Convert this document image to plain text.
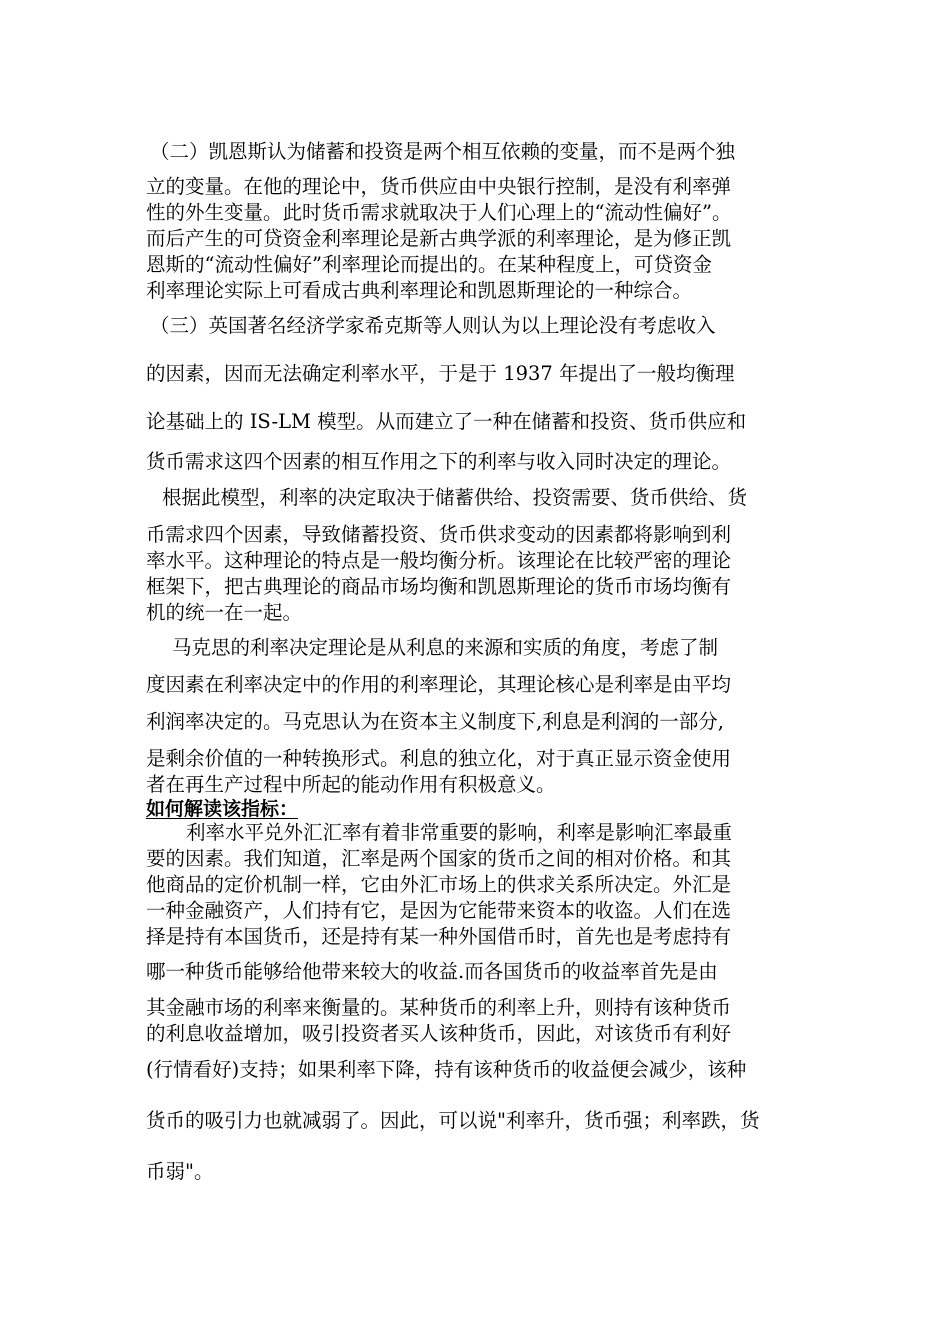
（二）凯恩斯认为储蓄和投资是两个相互依赖的变量，而不是两个独
立的变量。在他的理论中，货币供应由中央银行控制，是没有利率弹
性的外生变量。此时货币需求就取决于人们心理上的“流动性偏好”。
而后产生的可贷资金利率理论是新古典学派的利率理论，是为修正凯
恩斯的“流动性偏好”利率理论而提出的。在某种程度上，可贷资金
利率理论实际上可看成古典利率理论和凯恩斯理论的一种综合。
（三）英国著名经济学家希克斯等人则认为以上理论没有考虑收入
的因素，因而无法确定利率水平，于是于 1937 年提出了一般均衡理
论基础上的 IS-LM 模型。从而建立了一种在储蓄和投资、货币供应和
货币需求这四个因素的相互作用之下的利率与收入同时决定的理论。
根据此模型，利率的决定取决于储蓄供给、投资需要、货币供给、货
币需求四个因素，导致储蓄投资、货币供求变动的因素都将影响到利
率水平。这种理论的特点是一般均衡分析。该理论在比较严密的理论
框架下，把古典理论的商品市场均衡和凯恩斯理论的货币市场均衡有
机的统一在一起。
马克思的利率决定理论是从利息的来源和实质的角度，考虑了制
度因素在利率决定中的作用的利率理论，其理论核心是利率是由平均
利润率决定的。马克思认为在资本主义制度下,利息是利润的一部分,
是剩余价值的一种转换形式。利息的独立化，对于真正显示资金使用
者在再生产过程中所起的能动作用有积极意义。
如何解读该指标：
利率水平兑外汇汇率有着非常重要的影响，利率是影响汇率最重
要的因素。我们知道，汇率是两个国家的货币之间的相对价格。和其
他商品的定价机制一样，它由外汇市场上的供求关系所决定。外汇是
一种金融资产，人们持有它，是因为它能带来资本的收盗。人们在选
择是持有本国货币，还是持有某一种外国借币时，首先也是考虑持有
哪一种货币能够给他带来较大的收益.而各国货币的收益率首先是由
其金融市场的利率来衡量的。某种货币的利率上升，则持有该种货币
的利息收益增加，吸引投资者买人该种货币，因此，对该货币有利好
(行情看好)支持；如果利率下降，持有该种货币的收益便会减少，该种
货币的吸引力也就减弱了。因此，可以说"利率升，货币强；利率跌，货
币弱"。
